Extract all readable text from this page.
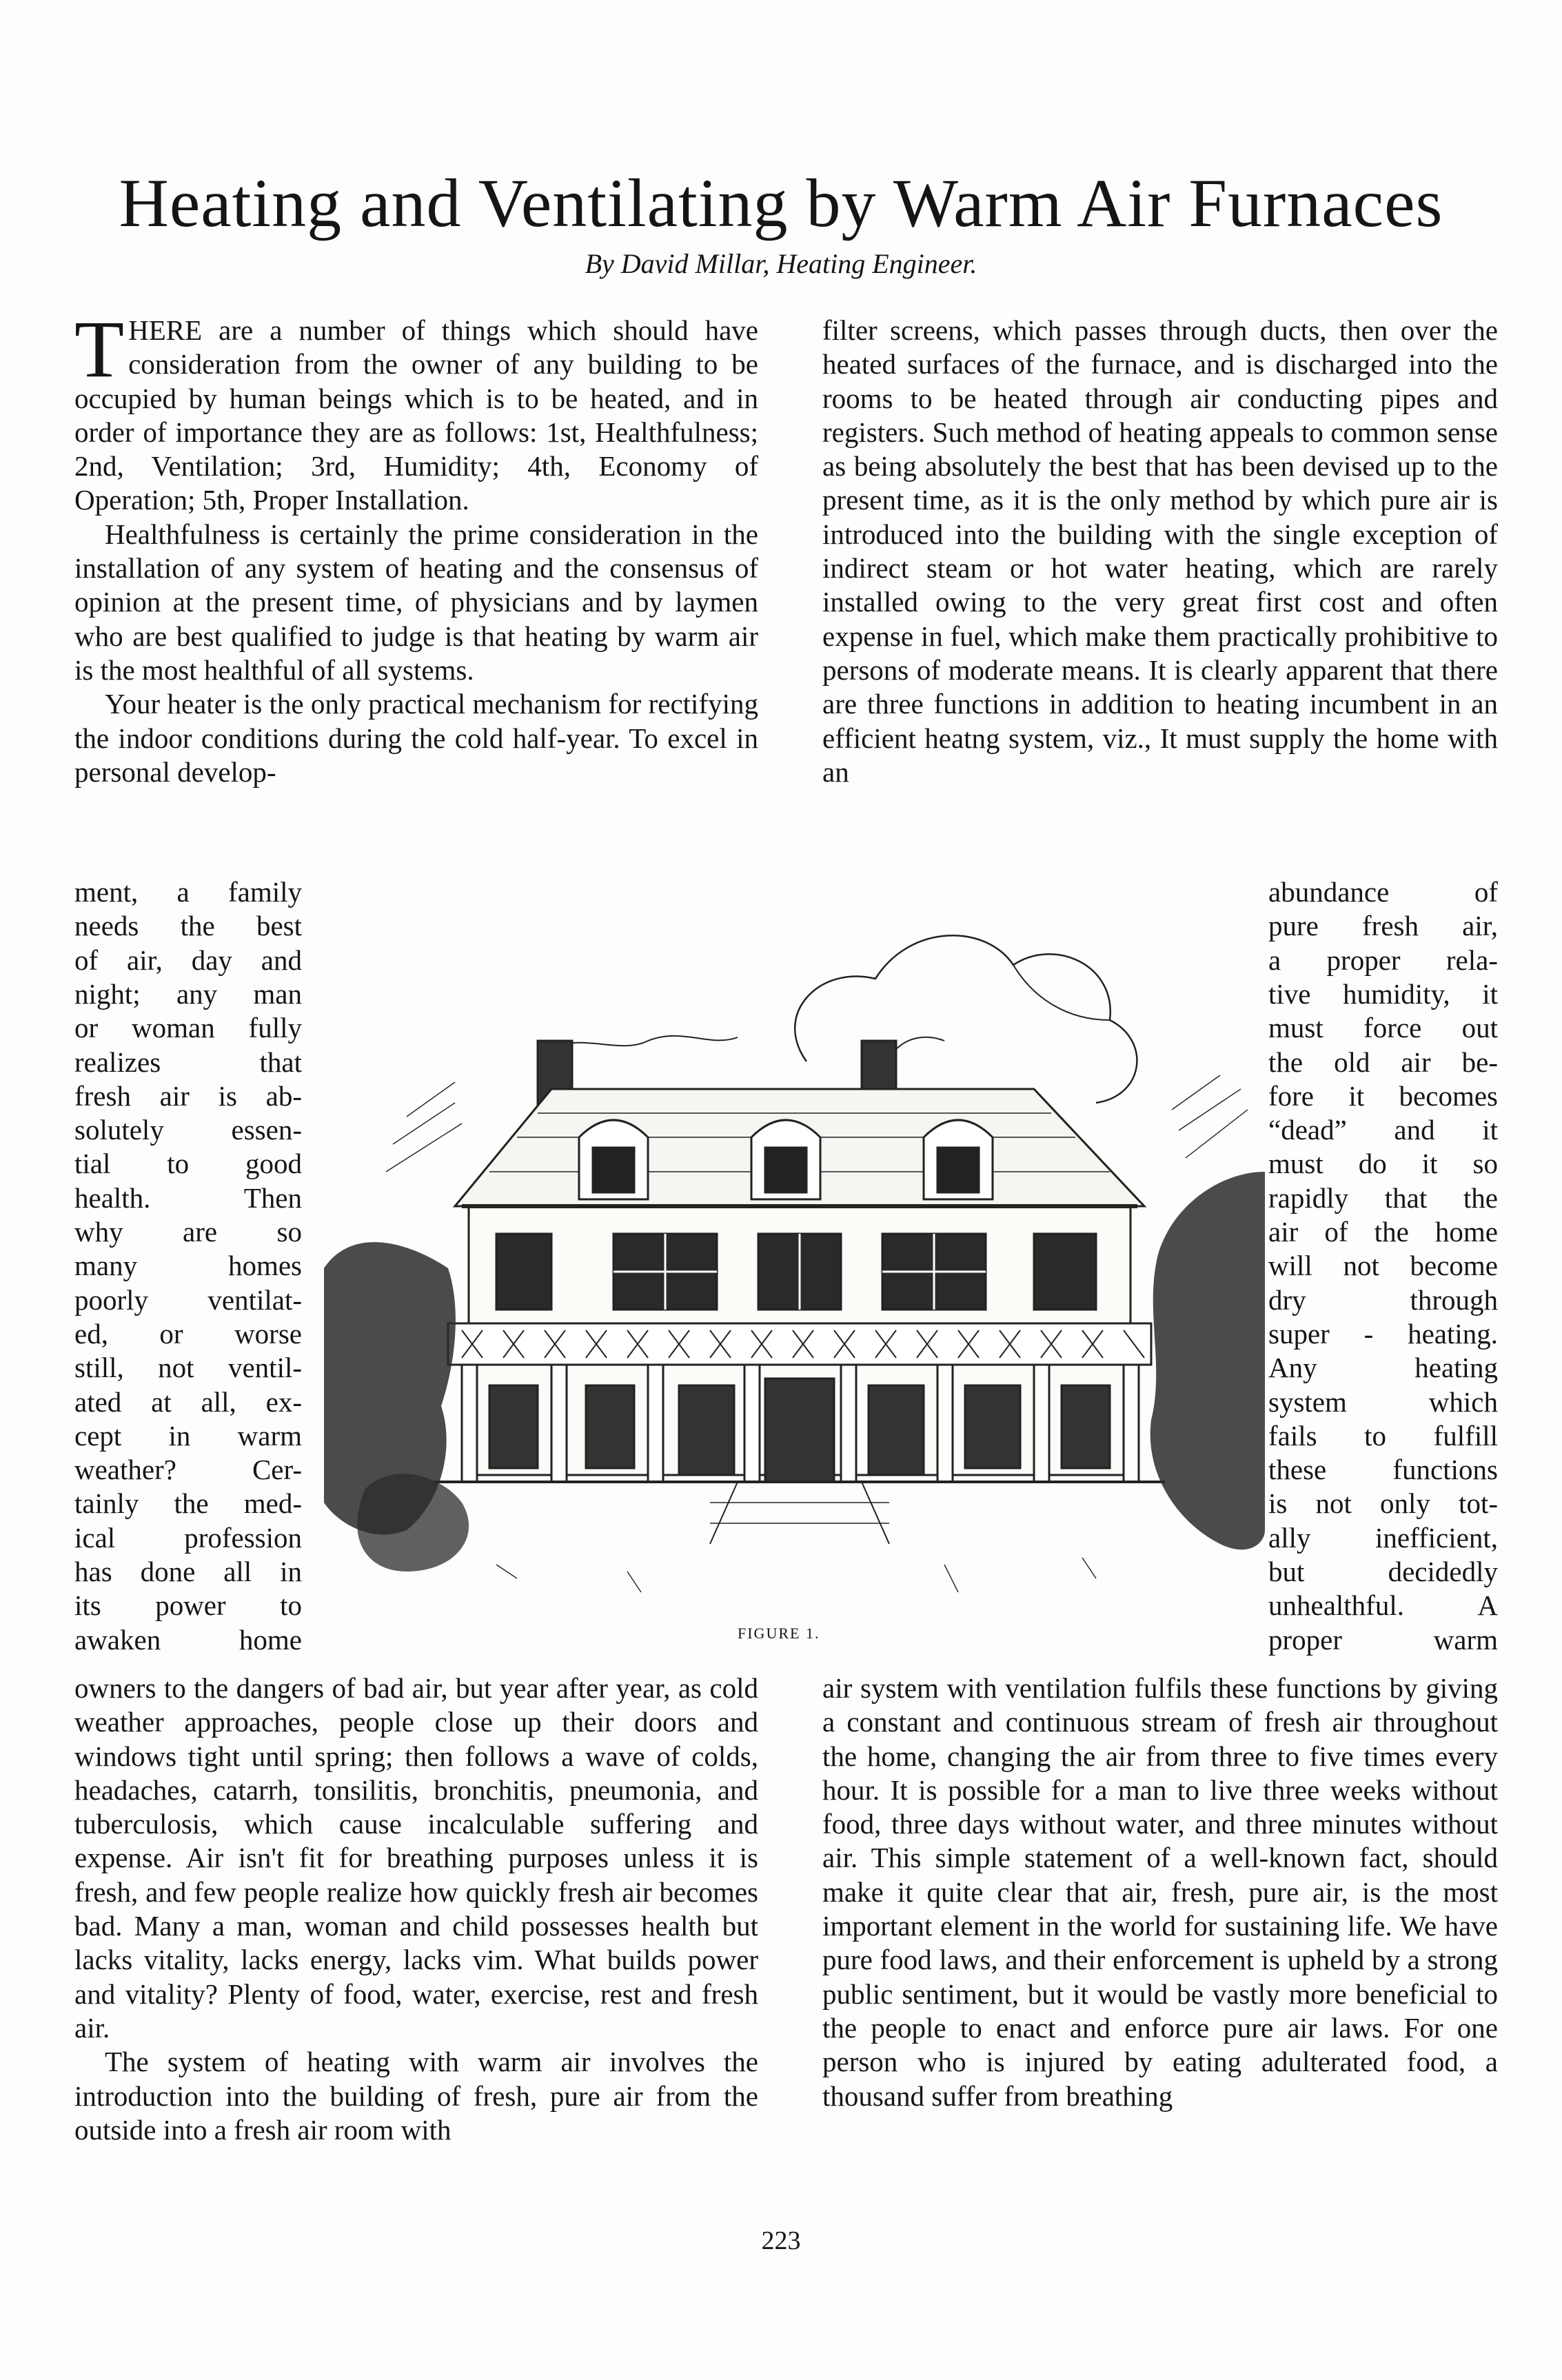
Heating and Ventilating by Warm Air Furnaces
By David Millar, Heating Engineer.

THERE are a number of things which should have consideration from the owner of any building to be occupied by human beings which is to be heated, and in order of importance they are as follows: 1st, Healthfulness; 2nd, Ventilation; 3rd, Humidity; 4th, Economy of Operation; 5th, Proper Installation.

Healthfulness is certainly the prime consideration in the installation of any system of heating and the consensus of opinion at the present time, of physicians and by laymen who are best qualified to judge is that heating by warm air is the most healthful of all systems.

Your heater is the only practical mechanism for rectifying the indoor conditions during the cold half-year. To excel in personal develop-

ment, a family
needs the best
of air, day and
night; any man
or woman fully
realizes that
fresh air is ab-
solutely essen-
tial to good
health. Then
why are so
many homes
poorly ventilat-
ed, or worse
still, not ventil-
ated at all, ex-
cept in warm
weather? Cer-
tainly the med-
ical profession
has done all in
its power to
awaken home

owners to the dangers of bad air, but year after year, as cold weather approaches, people close up their doors and windows tight until spring; then follows a wave of colds, headaches, catarrh, tonsilitis, bronchitis, pneumonia, and tuberculosis, which cause incalculable suffering and expense. Air isn't fit for breathing purposes unless it is fresh, and few people realize how quickly fresh air becomes bad. Many a man, woman and child possesses health but lacks vitality, lacks energy, lacks vim. What builds power and vitality? Plenty of food, water, exercise, rest and fresh air.

The system of heating with warm air involves the introduction into the building of fresh, pure air from the outside into a fresh air room with

filter screens, which passes through ducts, then over the heated surfaces of the furnace, and is discharged into the rooms to be heated through air conducting pipes and registers. Such method of heating appeals to common sense as being absolutely the best that has been devised up to the present time, as it is the only method by which pure air is introduced into the building with the single exception of indirect steam or hot water heating, which are rarely installed owing to the very great first cost and often expense in fuel, which make them practically prohibitive to persons of moderate means. It is clearly apparent that there are three functions in addition to heating incumbent in an efficient heatng system, viz., It must supply the home with an

abundance of
pure fresh air,
a proper rela-
tive humidity, it
must force out
the old air be-
fore it becomes
“dead” and it
must do it so
rapidly that the
air of the home
will not become
dry through
super - heating.
Any heating
system which
fails to fulfill
these functions
is not only tot-
ally inefficient,
but decidedly
unhealthful. A
proper warm

air system with ventilation fulfils these functions by giving a constant and continuous stream of fresh air throughout the home, changing the air from three to five times every hour. It is possible for a man to live three weeks without food, three days without water, and three minutes without air. This simple statement of a well-known fact, should make it quite clear that air, fresh, pure air, is the most important element in the world for sustaining life. We have pure food laws, and their enforcement is upheld by a strong public sentiment, but it would be vastly more beneficial to the people to enact and enforce pure air laws. For one person who is injured by eating adulterated food, a thousand suffer from breathing

FIGURE 1.
223
